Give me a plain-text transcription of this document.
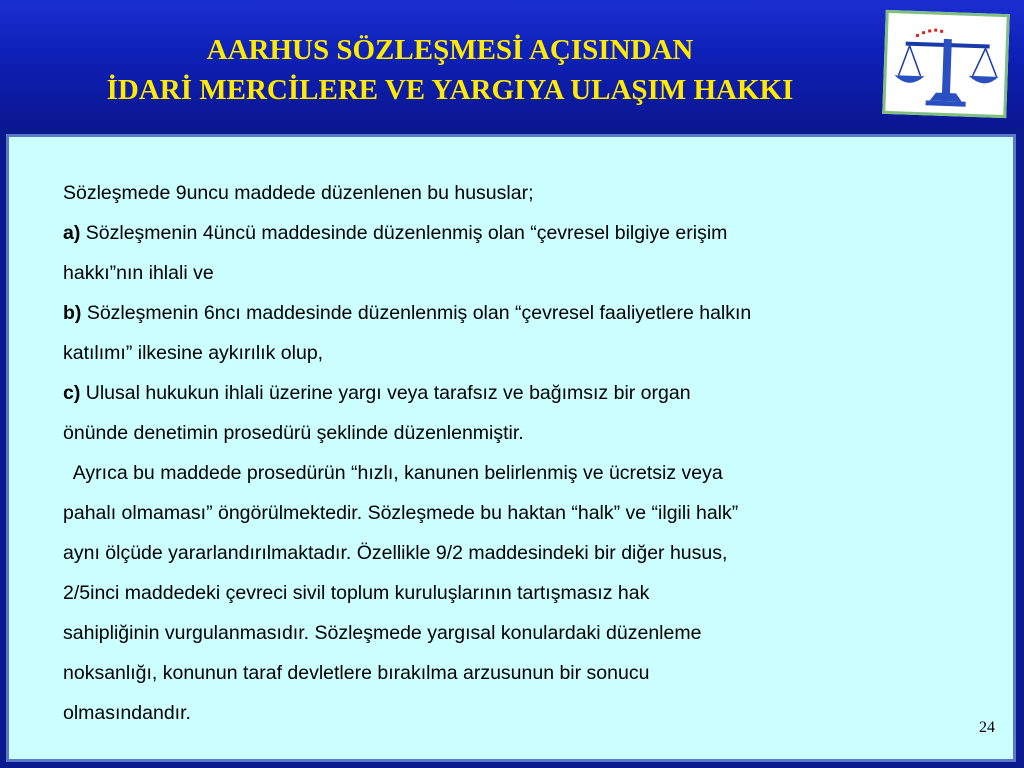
AARHUS SÖZLEŞMESİ AÇISINDAN
İDARİ MERCİLERE VE YARGIYA ULAŞIM HAKKI

Sözleşmede 9uncu maddede düzenlenen bu hususlar;

a) Sözleşmenin 4üncü maddesinde düzenlenmiş olan “çevresel bilgiye erişim

hakkı”nın ihlali ve

b) Sözleşmenin 6ncı maddesinde düzenlenmiş olan “çevresel faaliyetlere halkın

katılımı” ilkesine aykırılık olup,

c) Ulusal hukukun ihlali üzerine yargı veya tarafsız ve bağımsız bir organ

önünde denetimin prosedürü şeklinde düzenlenmiştir.

Ayrıca bu maddede prosedürün “hızlı, kanunen belirlenmiş ve ücretsiz veya

pahalı olmaması” öngörülmektedir. Sözleşmede bu haktan “halk” ve “ilgili halk”

aynı ölçüde yararlandırılmaktadır. Özellikle 9/2 maddesindeki bir diğer husus,

2/5inci maddedeki çevreci sivil toplum kuruluşlarının tartışmasız hak

sahipliğinin vurgulanmasıdır. Sözleşmede yargısal konulardaki düzenleme

noksanlığı, konunun taraf devletlere bırakılma arzusunun bir sonucu

olmasındandır.

24
